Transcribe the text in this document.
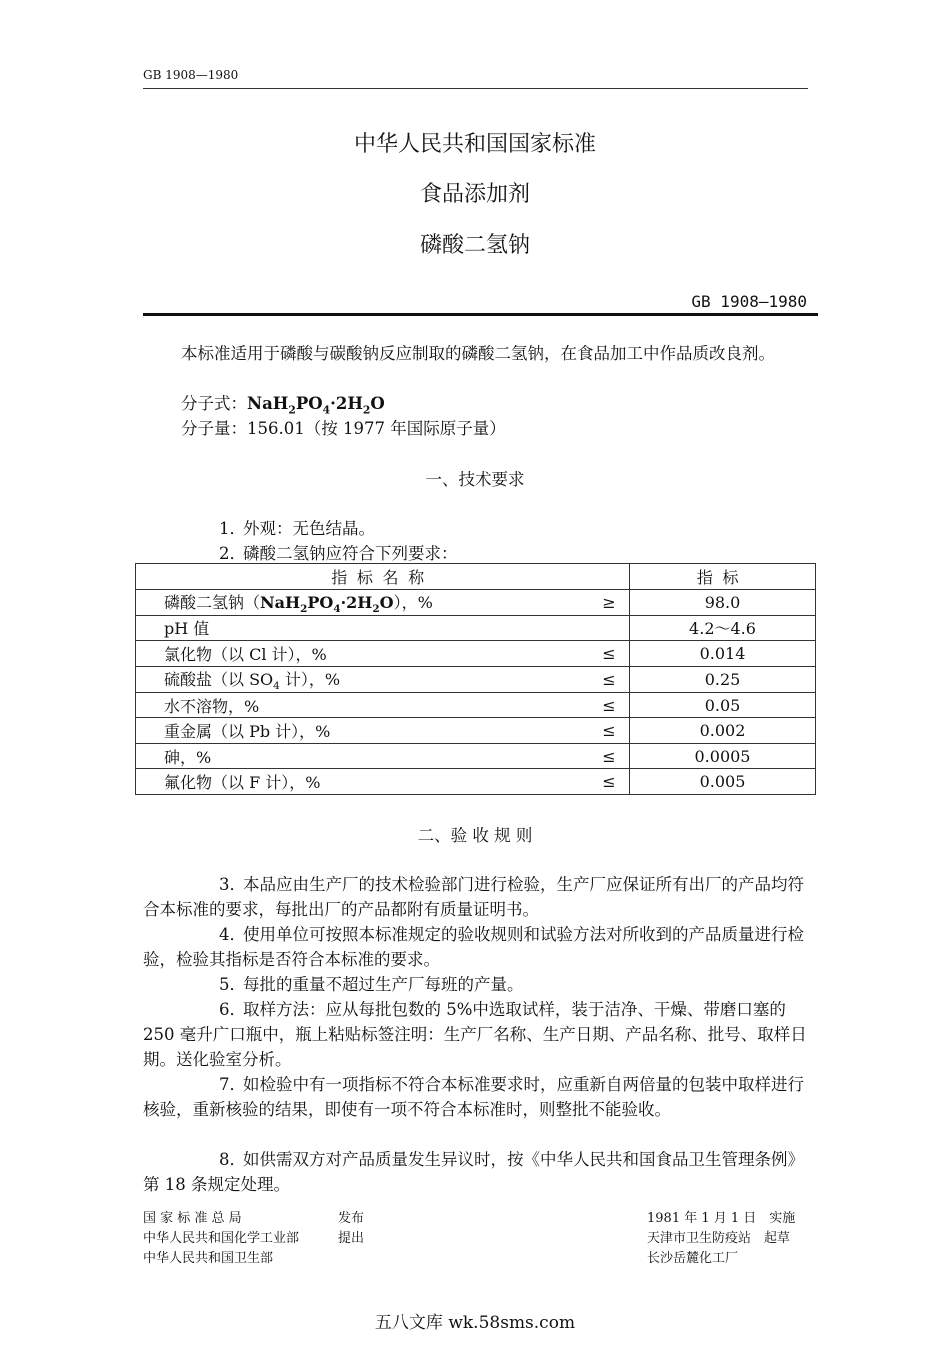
GB 1908—1980
中华人民共和国国家标准
食品添加剂
磷酸二氢钠
GB 1908—1980
本标准适用于磷酸与碳酸钠反应制取的磷酸二氢钠，在食品加工中作品质改良剂。
分子式：$NaH_2PO_4\cdot 2H_2O$
分子量：156.01（按 1977 年国际原子量）
一、技术要求
1．外观：无色结晶。
2．磷酸二氢钠应符合下列要求：
指标名称		指标
磷酸二氢钠$(NaH_2PO_4\cdot 2H_2O)$，%	≥	98.0
pH 值		4.2～4.6
氯化物（以 Cl 计），%	≤	0.014
硫酸盐（以 $SO_4$ 计），%	≤	0.25
水不溶物，%	≤	0.05
重金属（以 Pb 计），%	≤	0.002
砷，%	≤	0.0005
氟化物（以 F 计），%	≤	0.005
二、验 收 规 则
3．本品应由生产厂的技术检验部门进行检验，生产厂应保证所有出厂的产品均符合本标准的要求，每批出厂的产品都附有质量证明书。
4．使用单位可按照本标准规定的验收规则和试验方法对所收到的产品质量进行检验，检验其指标是否符合本标准的要求。
5．每批的重量不超过生产厂每班的产量。
6．取样方法：应从每批包数的 5%中选取试样，装于洁净、干燥、带磨口塞的 250 毫升广口瓶中，瓶上粘贴标签注明：生产厂名称、生产日期、产品名称、批号、取样日期。送化验室分析。
7．如检验中有一项指标不符合本标准要求时，应重新自两倍量的包装中取样进行核验，重新核验的结果，即使有一项不符合本标准时，则整批不能验收。
8．如供需双方对产品质量发生异议时，按《中华人民共和国食品卫生管理条例》第 18 条规定处理。
国 家 标 准 总 局	发布
中华人民共和国化学工业部	提出
中华人民共和国卫生部
1981 年 1 月 1 日　实施
天津市卫生防疫站　起草
长沙岳麓化工厂
五八文库 wk.58sms.com
